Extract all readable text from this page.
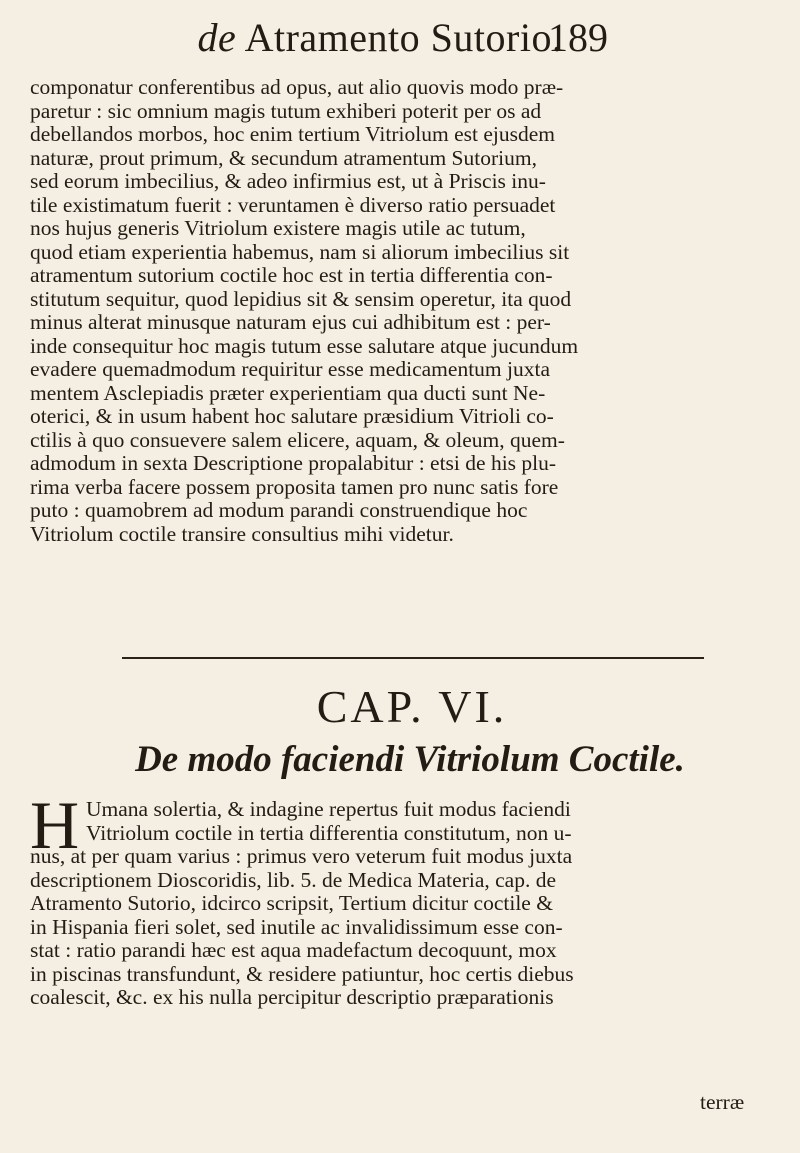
de Atramento Sutorio.
189
componatur conferentibus ad opus, aut alio quovis modo præ-
paretur : sic omnium magis tutum exhiberi poterit per os ad
debellandos morbos, hoc enim tertium Vitriolum est ejusdem
naturæ, prout primum, & secundum atramentum Sutorium,
sed eorum imbecilius, & adeo infirmius est, ut à Priscis inu-
tile existimatum fuerit : veruntamen è diverso ratio persuadet
nos hujus generis Vitriolum existere magis utile ac tutum,
quod etiam experientia habemus, nam si aliorum imbecilius sit
atramentum sutorium coctile hoc est in tertia differentia con-
stitutum sequitur, quod lepidius sit & sensim operetur, ita quod
minus alterat minusque naturam ejus cui adhibitum est : per-
inde consequitur hoc magis tutum esse salutare atque jucundum
evadere quemadmodum requiritur esse medicamentum juxta
mentem Asclepiadis præter experientiam qua ducti sunt Ne-
oterici, & in usum habent hoc salutare præsidium Vitrioli co-
ctilis à quo consuevere salem elicere, aquam, & oleum, quem-
admodum in sexta Descriptione propalabitur : etsi de his plu-
rima verba facere possem proposita tamen pro nunc satis fore
puto : quamobrem ad modum parandi construendique hoc
Vitriolum coctile transire consultius mihi videtur.
CAP. VI.
De modo faciendi Vitriolum Coctile.
H Umana solertia, & indagine repertus fuit modus faciendi
Vitriolum coctile in tertia differentia constitutum, non u-
nus, at per quam varius : primus vero veterum fuit modus juxta
descriptionem Dioscoridis, lib. 5. de Medica Materia, cap. de
Atramento Sutorio, idcirco scripsit, Tertium dicitur coctile &
in Hispania fieri solet, sed inutile ac invalidissimum esse con-
stat : ratio parandi hæc est aqua madefactum decoquunt, mox
in piscinas transfundunt, & residere patiuntur, hoc certis diebus
coalescit, &c. ex his nulla percipitur descriptio præparationis
terræ
